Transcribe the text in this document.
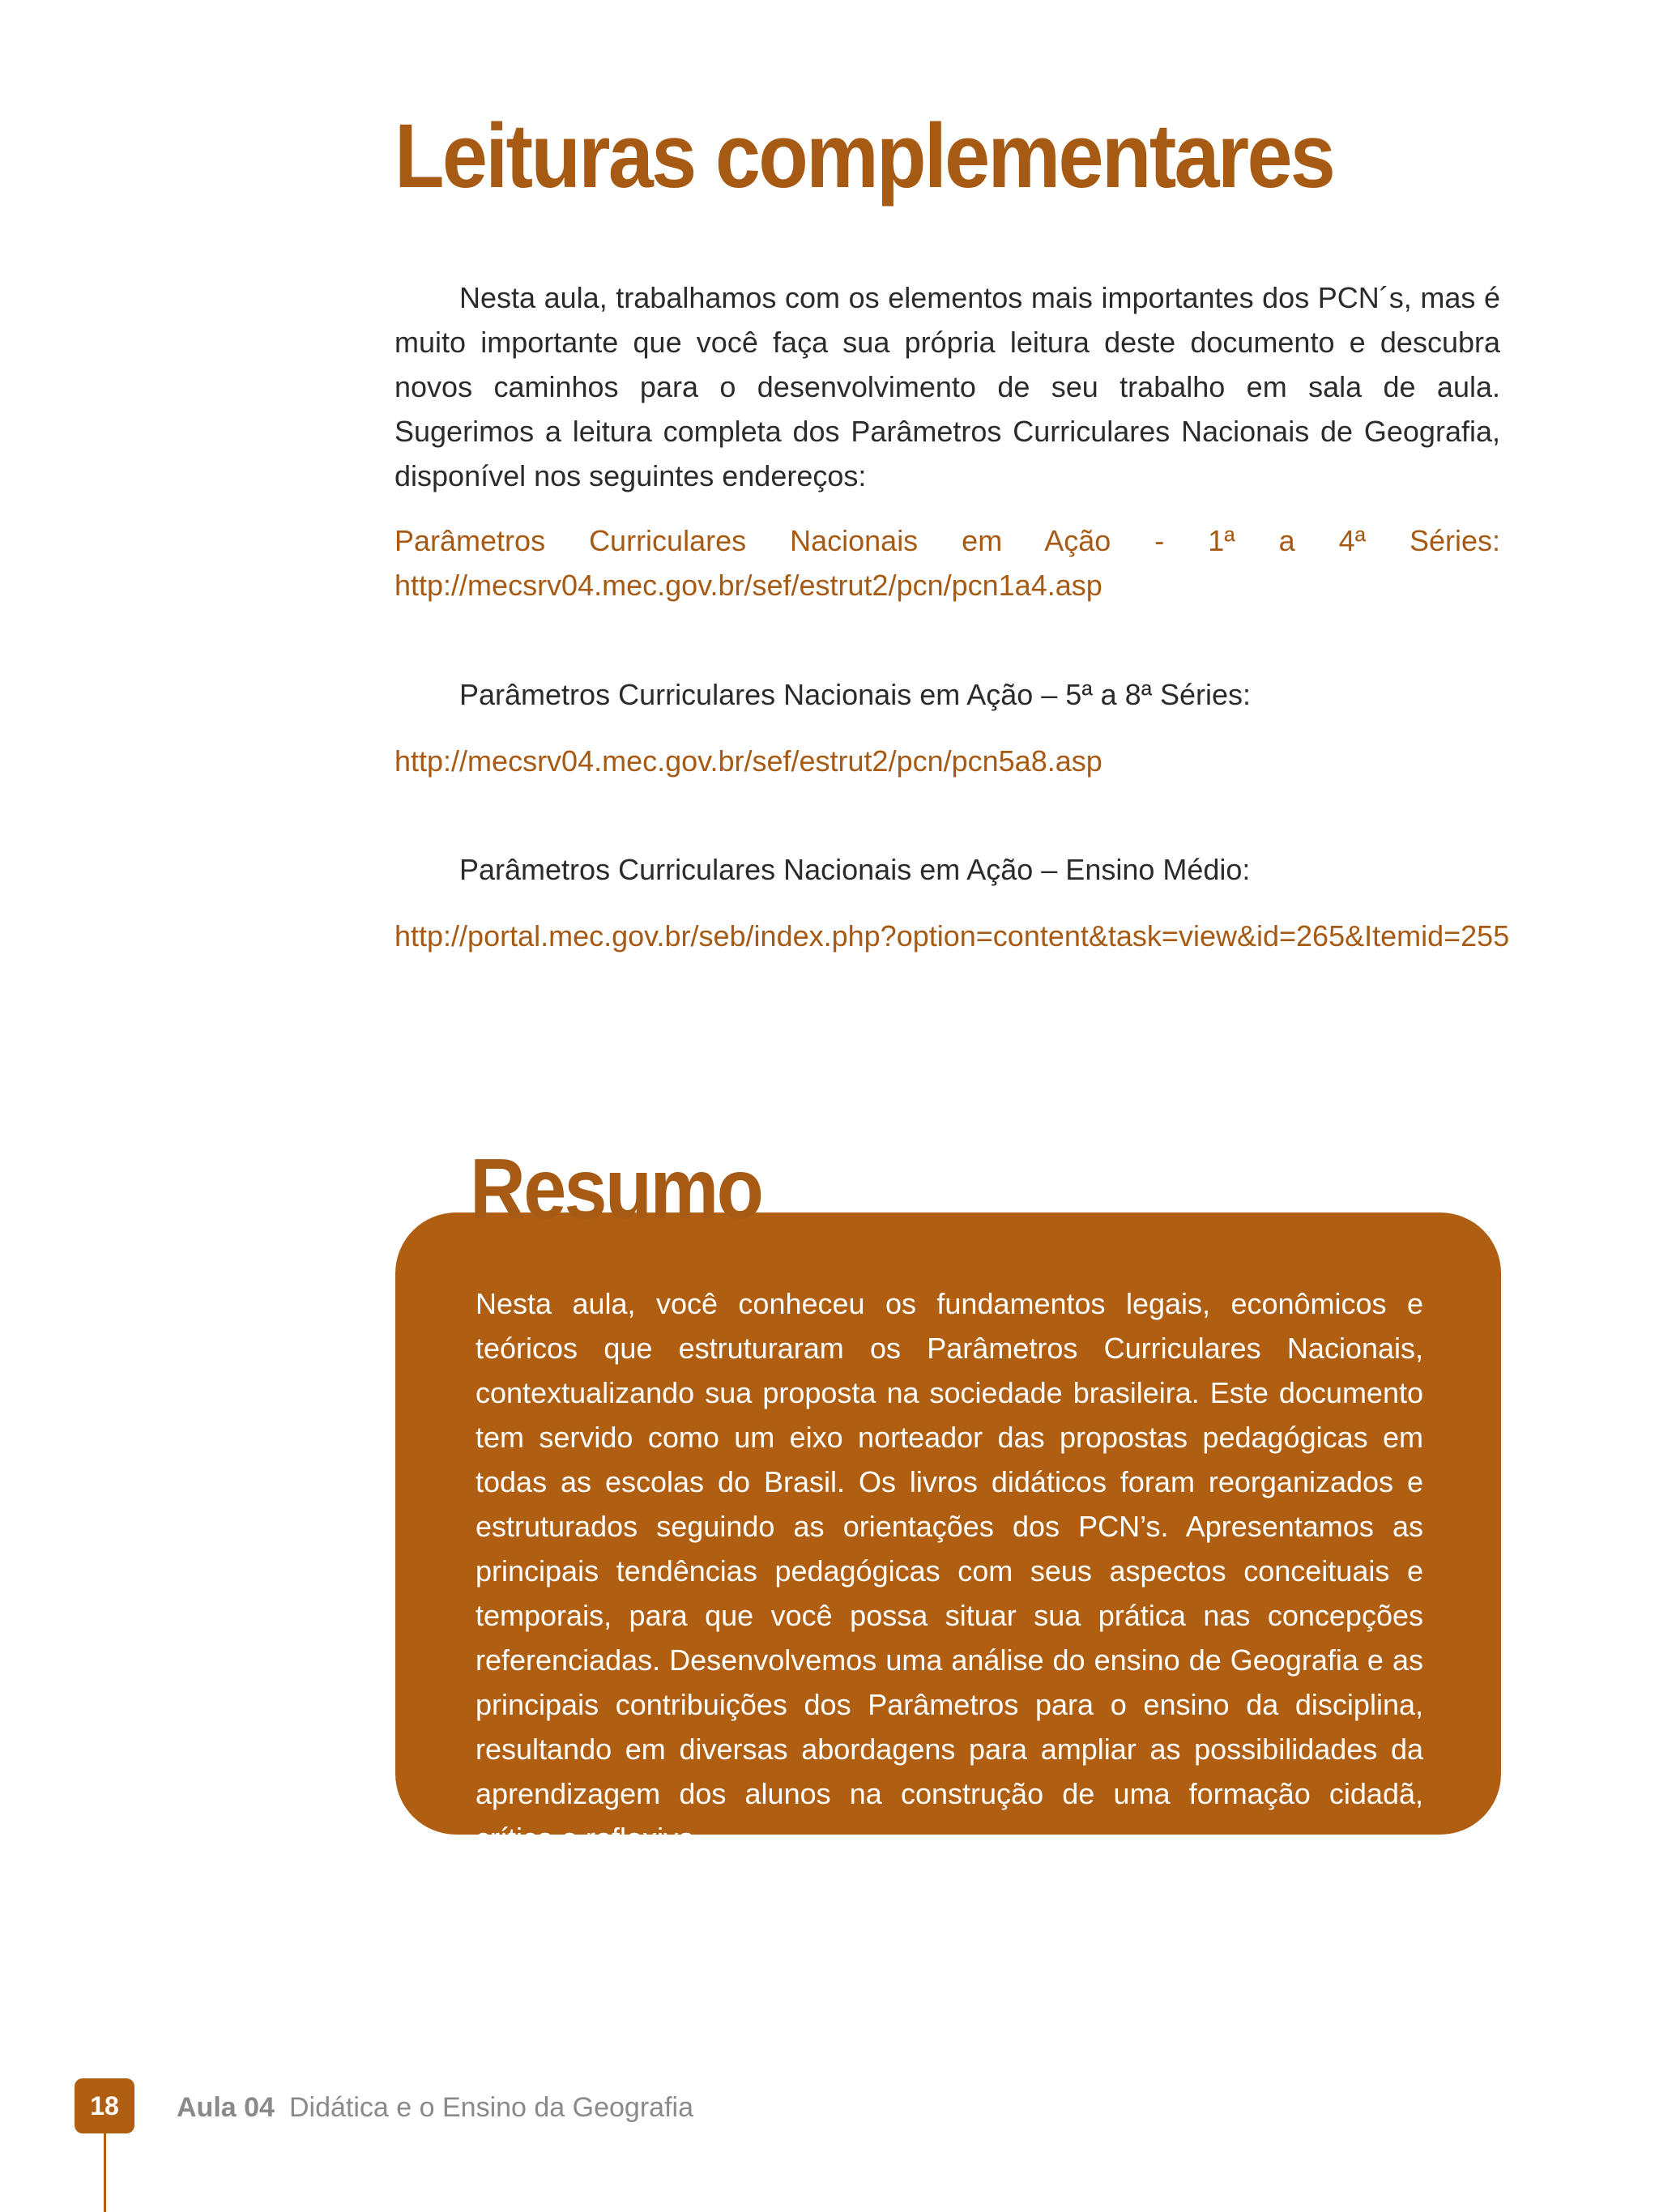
Leituras complementares

Nesta aula, trabalhamos com os elementos mais importantes dos PCN´s, mas é muito importante que você faça sua própria leitura deste documento e descubra novos caminhos para o desenvolvimento de seu trabalho em sala de aula. Sugerimos a leitura completa dos Parâmetros Curriculares Nacionais de Geografia, disponível nos seguintes endereços:

Parâmetros Curriculares Nacionais em Ação - 1ª a 4ª Séries: http://mecsrv04.mec.gov.br/sef/estrut2/pcn/pcn1a4.asp

Parâmetros Curriculares Nacionais em Ação – 5ª a 8ª Séries:

http://mecsrv04.mec.gov.br/sef/estrut2/pcn/pcn5a8.asp

Parâmetros Curriculares Nacionais em Ação – Ensino Médio:

http://portal.mec.gov.br/seb/index.php?option=content&task=view&id=265&Itemid=255

Resumo

Nesta aula, você conheceu os fundamentos legais, econômicos e teóricos que estruturaram os Parâmetros Curriculares Nacionais, contextualizando sua proposta na sociedade brasileira. Este documento tem servido como um eixo norteador das propostas pedagógicas em todas as escolas do Brasil. Os livros didáticos foram reorganizados e estruturados seguindo as orientações dos PCN’s. Apresentamos as principais tendências pedagógicas com seus aspectos conceituais e temporais, para que você possa situar sua prática nas concepções referenciadas. Desenvolvemos uma análise do ensino de Geografia e as principais contribuições dos Parâmetros para o ensino da disciplina, resultando em diversas abordagens para ampliar as possibilidades da aprendizagem dos alunos na construção de uma formação cidadã, crítica e reflexiva.

18	Aula 04 Didática e o Ensino da Geografia
